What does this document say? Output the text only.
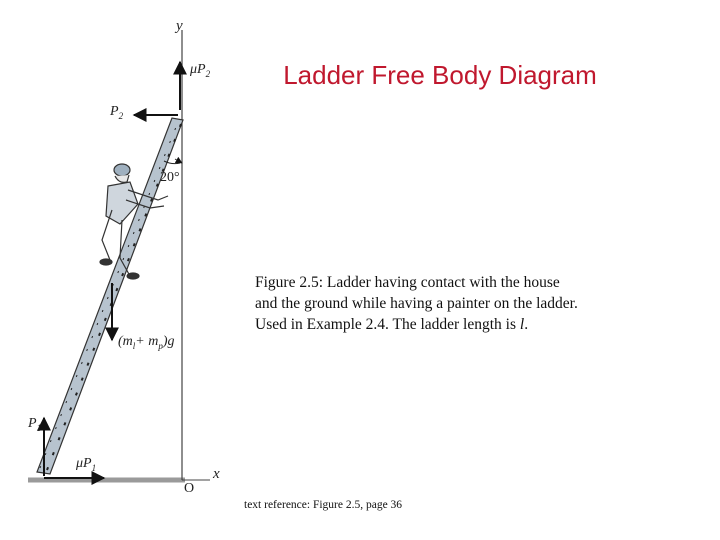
y
x
O
$\mu P_2$
$P_2$
20°
$(m_l+ m_p)g$
$P_1$
$\mu P_1$
Ladder Free Body Diagram
Figure 2.5: Ladder having contact with the house
and the ground while having a painter on the ladder.
Used in Example 2.4. The ladder length is l.
text reference: Figure 2.5, page 36
